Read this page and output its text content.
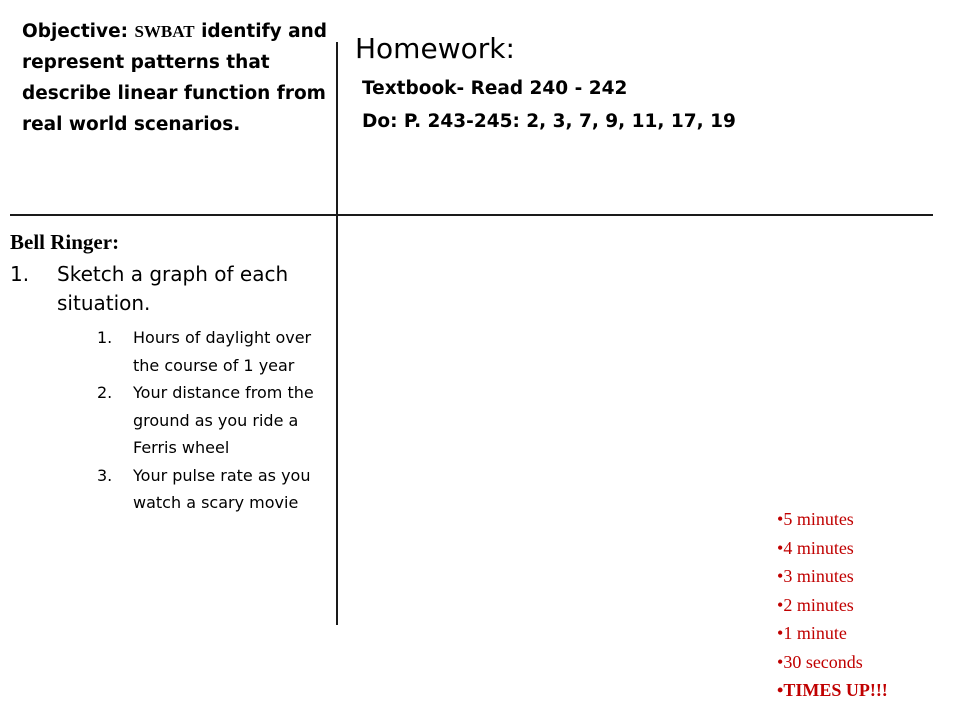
Objective: SWBAT identify and represent patterns that describe linear function from real world scenarios.
Homework:
Textbook- Read 240 - 242
Do: P. 243-245: 2, 3, 7, 9, 11, 17, 19
Bell Ringer:
1. Sketch a graph of each situation.
1. Hours of daylight over the course of 1 year
2. Your distance from the ground as you ride a Ferris wheel
3. Your pulse rate as you watch a scary movie
•5 minutes
•4 minutes
•3 minutes
•2 minutes
•1 minute
•30 seconds
•TIMES UP!!!
